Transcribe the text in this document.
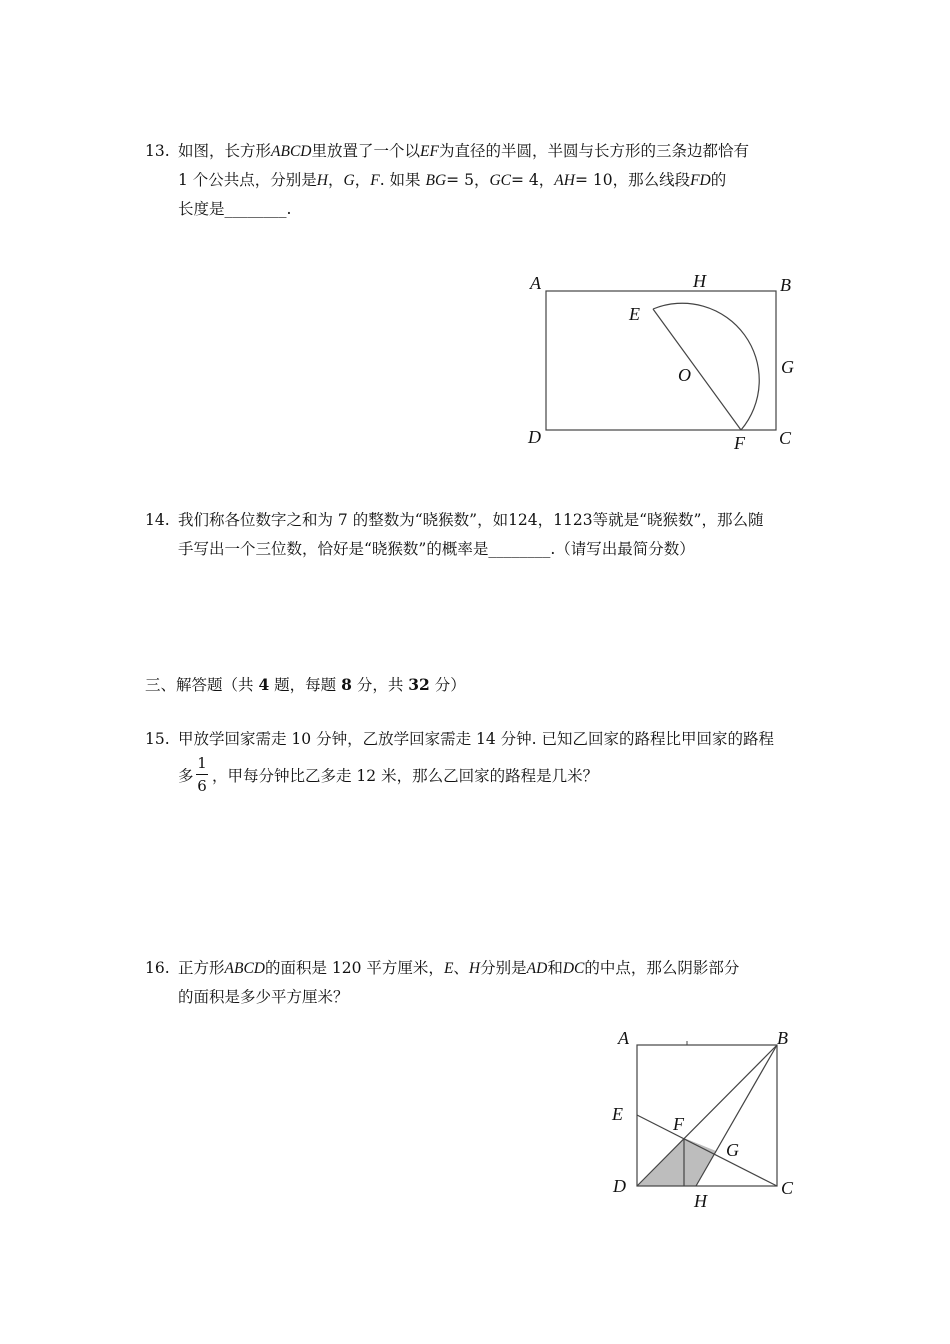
13. 如图，长方形ABCD里放置了一个以EF为直径的半圆，半圆与长方形的三条边都恰有
1 个公共点，分别是H，G，F. 如果 BG= 5，GC= 4，AH= 10，那么线段FD的
长度是________.
A	H	B
E
G
O
D	F C
14. 我们称各位数字之和为 7 的整数为“晓猴数”，如124，1123等就是“晓猴数”，那么随
手写出一个三位数，恰好是“晓猴数”的概率是________.（请写出最简分数）
三、解答题（共 4 题，每题 8 分，共 32 分）
15. 甲放学回家需走 10 分钟，乙放学回家需走 14 分钟. 已知乙回家的路程比甲回家的路程
多
1
6
，甲每分钟比乙多走 12 米，那么乙回家的路程是几米？
16. 正方形ABCD的面积是 120 平方厘米，E、H分别是AD和DC的中点，那么阴影部分
的面积是多少平方厘米？
A	B
E	F
G
D	C
H
